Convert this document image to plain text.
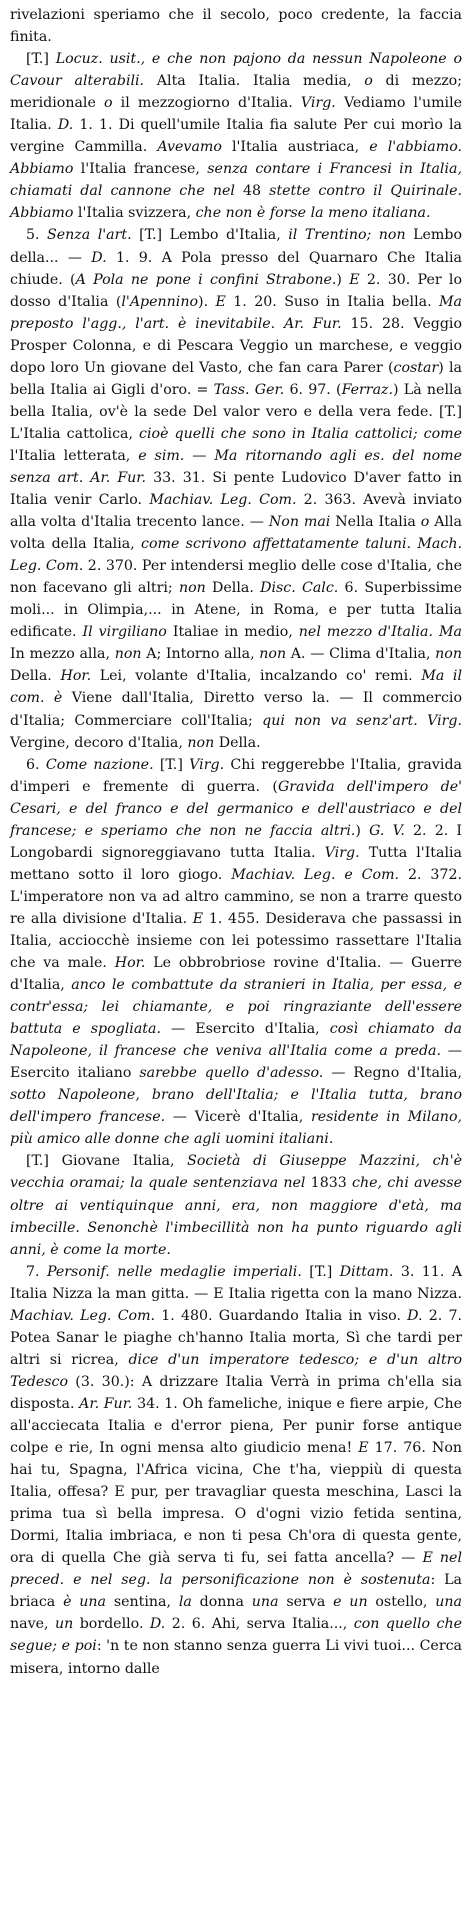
rivelazioni speriamo che il secolo, poco credente, la faccia finita.

[T.] Locuz. usit., e che non pajono da nessun Napoleone o Cavour alterabili. Alta Italia. Italia media, o di mezzo; meridionale o il mezzogiorno d'Italia. Virg. Vediamo l'umile Italia. D. 1. 1. Di quell'umile Italia fia salute Per cui morìo la vergine Cammilla. Avevamo l'Italia austriaca, e l'abbiamo. Abbiamo l'Italia francese, senza contare i Francesi in Italia, chiamati dal cannone che nel 48 stette contro il Quirinale. Abbiamo l'Italia svizzera, che non è forse la meno italiana.

5. Senza l'art. [T.] Lembo d'Italia, il Trentino; non Lembo della... — D. 1. 9. A Pola presso del Quarnaro Che Italia chiude. (A Pola ne pone i confini Strabone.) E 2. 30. Per lo dosso d'Italia (l'Apennino). E 1. 20. Suso in Italia bella. Ma preposto l'agg., l'art. è inevitabile. Ar. Fur. 15. 28. Veggio Prosper Colonna, e di Pescara Veggio un marchese, e veggio dopo loro Un giovane del Vasto, che fan cara Parer (costar) la bella Italia ai Gigli d'oro. = Tass. Ger. 6. 97. (Ferraz.) Là nella bella Italia, ov'è la sede Del valor vero e della vera fede. [T.] L'Italia cattolica, cioè quelli che sono in Italia cattolici; come l'Italia letterata, e sim. — Ma ritornando agli es. del nome senza art. Ar. Fur. 33. 31. Si pente Ludovico D'aver fatto in Italia venir Carlo. Machiav. Leg. Com. 2. 363. Avevà inviato alla volta d'Italia trecento lance. — Non mai Nella Italia o Alla volta della Italia, come scrivono affettatamente taluni. Mach. Leg. Com. 2. 370. Per intendersi meglio delle cose d'Italia, che non facevano gli altri; non Della. Disc. Calc. 6. Superbissime moli... in Olimpia,... in Atene, in Roma, e per tutta Italia edificate. Il virgiliano Italiae in medio, nel mezzo d'Italia. Ma In mezzo alla, non A; Intorno alla, non A. — Clima d'Italia, non Della. Hor. Lei, volante d'Italia, incalzando co' remi. Ma il com. è Viene dall'Italia, Diretto verso la. — Il commercio d'Italia; Commerciare coll'Italia; qui non va senz'art. Virg. Vergine, decoro d'Italia, non Della.

6. Come nazione. [T.] Virg. Chi reggerebbe l'Italia, gravida d'imperi e fremente di guerra. (Gravida dell'impero de' Cesari, e del franco e del germanico e dell'austriaco e del francese; e speriamo che non ne faccia altri.) G. V. 2. 2. I Longobardi signoreggiavano tutta Italia. Virg. Tutta l'Italia mettano sotto il loro giogo. Machiav. Leg. e Com. 2. 372. L'imperatore non va ad altro cammino, se non a trarre questo re alla divisione d'Italia. E 1. 455. Desiderava che passassi in Italia, acciocchè insieme con lei potessimo rassettare l'Italia che va male. Hor. Le obbrobriose rovine d'Italia. — Guerre d'Italia, anco le combattute da stranieri in Italia, per essa, e contr'essa; lei chiamante, e poi ringraziante dell'essere battuta e spogliata. — Esercito d'Italia, così chiamato da Napoleone, il francese che veniva all'Italia come a preda. — Esercito italiano sarebbe quello d'adesso. — Regno d'Italia, sotto Napoleone, brano dell'Italia; e l'Italia tutta, brano dell'impero francese. — Vicerè d'Italia, residente in Milano, più amico alle donne che agli uomini italiani.

[T.] Giovane Italia, Società di Giuseppe Mazzini, ch'è vecchia oramai; la quale sentenziava nel 1833 che, chi avesse oltre ai ventiquinque anni, era, non maggiore d'età, ma imbecille. Senonchè l'imbecillità non ha punto riguardo agli anni, è come la morte.

7. Personif. nelle medaglie imperiali. [T.] Dittam. 3. 11. A Italia Nizza la man gitta. — E Italia rigetta con la mano Nizza. Machiav. Leg. Com. 1. 480. Guardando Italia in viso. D. 2. 7. Potea Sanar le piaghe ch'hanno Italia morta, Sì che tardi per altri si ricrea, dice d'un imperatore tedesco; e d'un altro Tedesco (3. 30.): A drizzare Italia Verrà in prima ch'ella sia disposta. Ar. Fur. 34. 1. Oh fameliche, inique e fiere arpie, Che all'acciecata Italia e d'error piena, Per punir forse antique colpe e rie, In ogni mensa alto giudicio mena! E 17. 76. Non hai tu, Spagna, l'Africa vicina, Che t'ha, vieppiù di questa Italia, offesa? E pur, per travagliar questa meschina, Lasci la prima tua sì bella impresa. O d'ogni vizio fetida sentina, Dormi, Italia imbriaca, e non ti pesa Ch'ora di questa gente, ora di quella Che già serva ti fu, sei fatta ancella? — E nel preced. e nel seg. la personificazione non è sostenuta: La briaca è una sentina, la donna una serva e un ostello, una nave, un bordello. D. 2. 6. Ahi, serva Italia..., con quello che segue; e poi: 'n te non stanno senza guerra Li vivi tuoi... Cerca misera, intorno dalle
